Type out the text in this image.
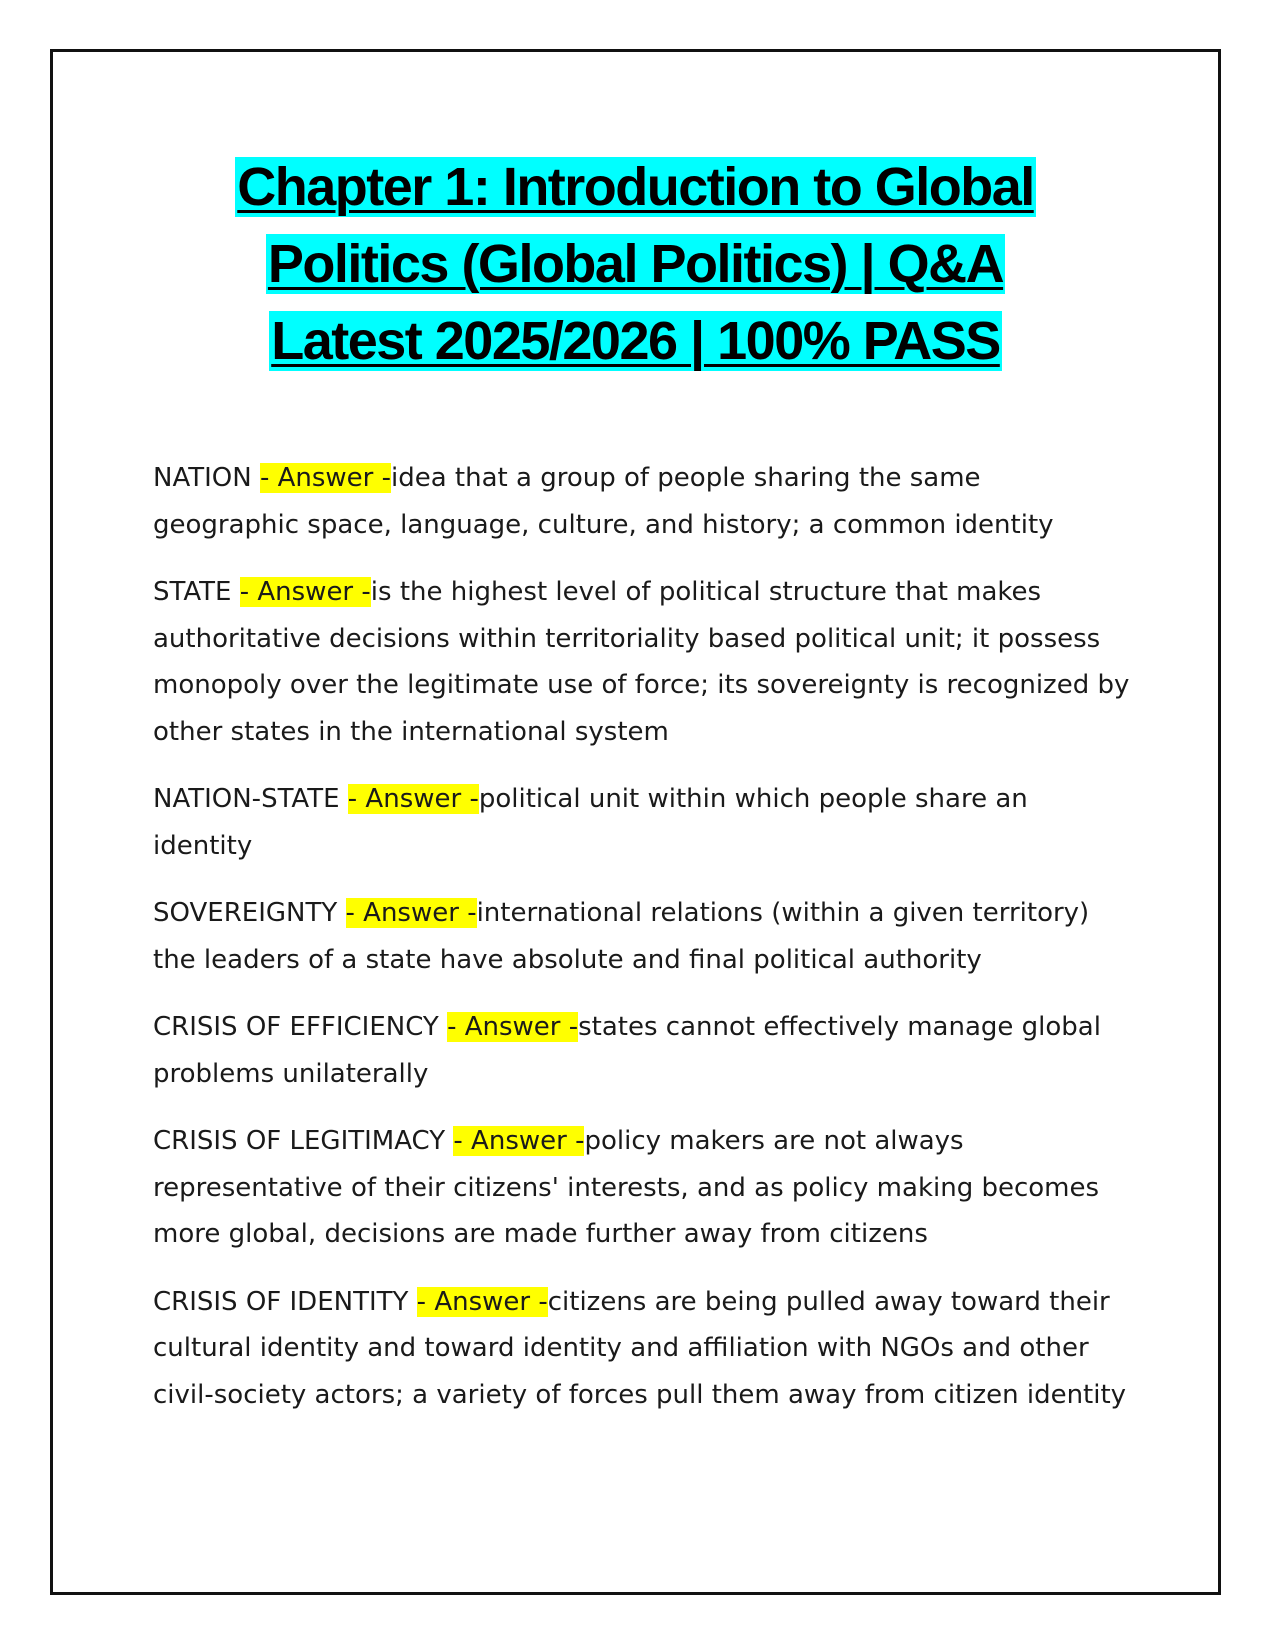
Chapter 1: Introduction to Global
Politics (Global Politics) | Q&A
Latest 2025/2026 | 100% PASS

NATION - Answer -idea that a group of people sharing the same geographic space, language, culture, and history; a common identity

STATE - Answer -is the highest level of political structure that makes authoritative decisions within territoriality based political unit; it possess monopoly over the legitimate use of force; its sovereignty is recognized by other states in the international system

NATION-STATE - Answer -political unit within which people share an identity

SOVEREIGNTY - Answer -international relations (within a given territory) the leaders of a state have absolute and final political authority

CRISIS OF EFFICIENCY - Answer -states cannot effectively manage global problems unilaterally

CRISIS OF LEGITIMACY - Answer -policy makers are not always representative of their citizens' interests, and as policy making becomes more global, decisions are made further away from citizens

CRISIS OF IDENTITY - Answer -citizens are being pulled away toward their cultural identity and toward identity and affiliation with NGOs and other civil-society actors; a variety of forces pull them away from citizen identity
